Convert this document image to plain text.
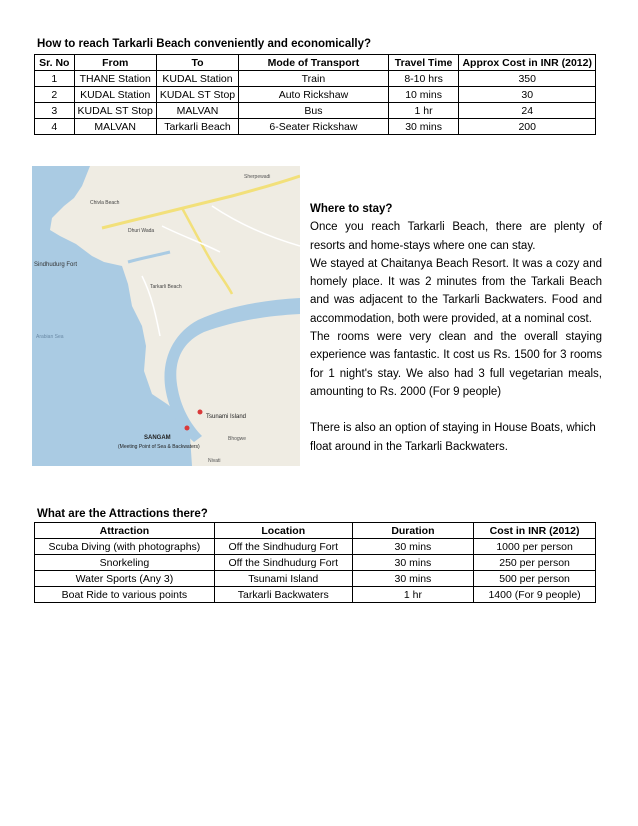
How to reach Tarkarli Beach conveniently and economically?
Sr. No	From	To	Mode of Transport	Travel Time	Approx Cost in INR (2012)
1	THANE Station	KUDAL Station	Train	8-10 hrs	350
2	KUDAL Station	KUDAL ST Stop	Auto Rickshaw	10 mins	30
3	KUDAL ST Stop	MALVAN	Bus	1 hr	24
4	MALVAN	Tarkarli Beach	6-Seater Rickshaw	30 mins	200
Sherpewadi
Chivla Beach
Dhuri Wada
Sindhudurg Fort
Tarkarli Beach
Arabian Sea
Tsunami Island
SANGAM
(Meeting Point of Sea & Backwaters)
Bhogwe
Nivati

Where to stay?

Once you reach Tarkarli Beach, there are plenty of resorts and home-stays where one can stay.

We stayed at Chaitanya Beach Resort. It was a cozy and homely place. It was 2 minutes from the Tarkali Beach and was adjacent to the Tarkarli Backwaters. Food and accommodation, both were provided, at a nominal cost.

The rooms were very clean and the overall staying experience was fantastic. It cost us Rs. 1500 for 3 rooms for 1 night's stay. We also had 3 full vegetarian meals, amounting to Rs. 2000 (For 9 people)

There is also an option of staying in House Boats, which float around in the Tarkarli Backwaters.

What are the Attractions there?
Attraction	Location	Duration	Cost in INR (2012)
Scuba Diving (with photographs)	Off the Sindhudurg Fort	30 mins	1000 per person
Snorkeling	Off the Sindhudurg Fort	30 mins	250 per person
Water Sports (Any 3)	Tsunami Island	30 mins	500 per person
Boat Ride to various points	Tarkarli Backwaters	1 hr	1400 (For 9 people)
